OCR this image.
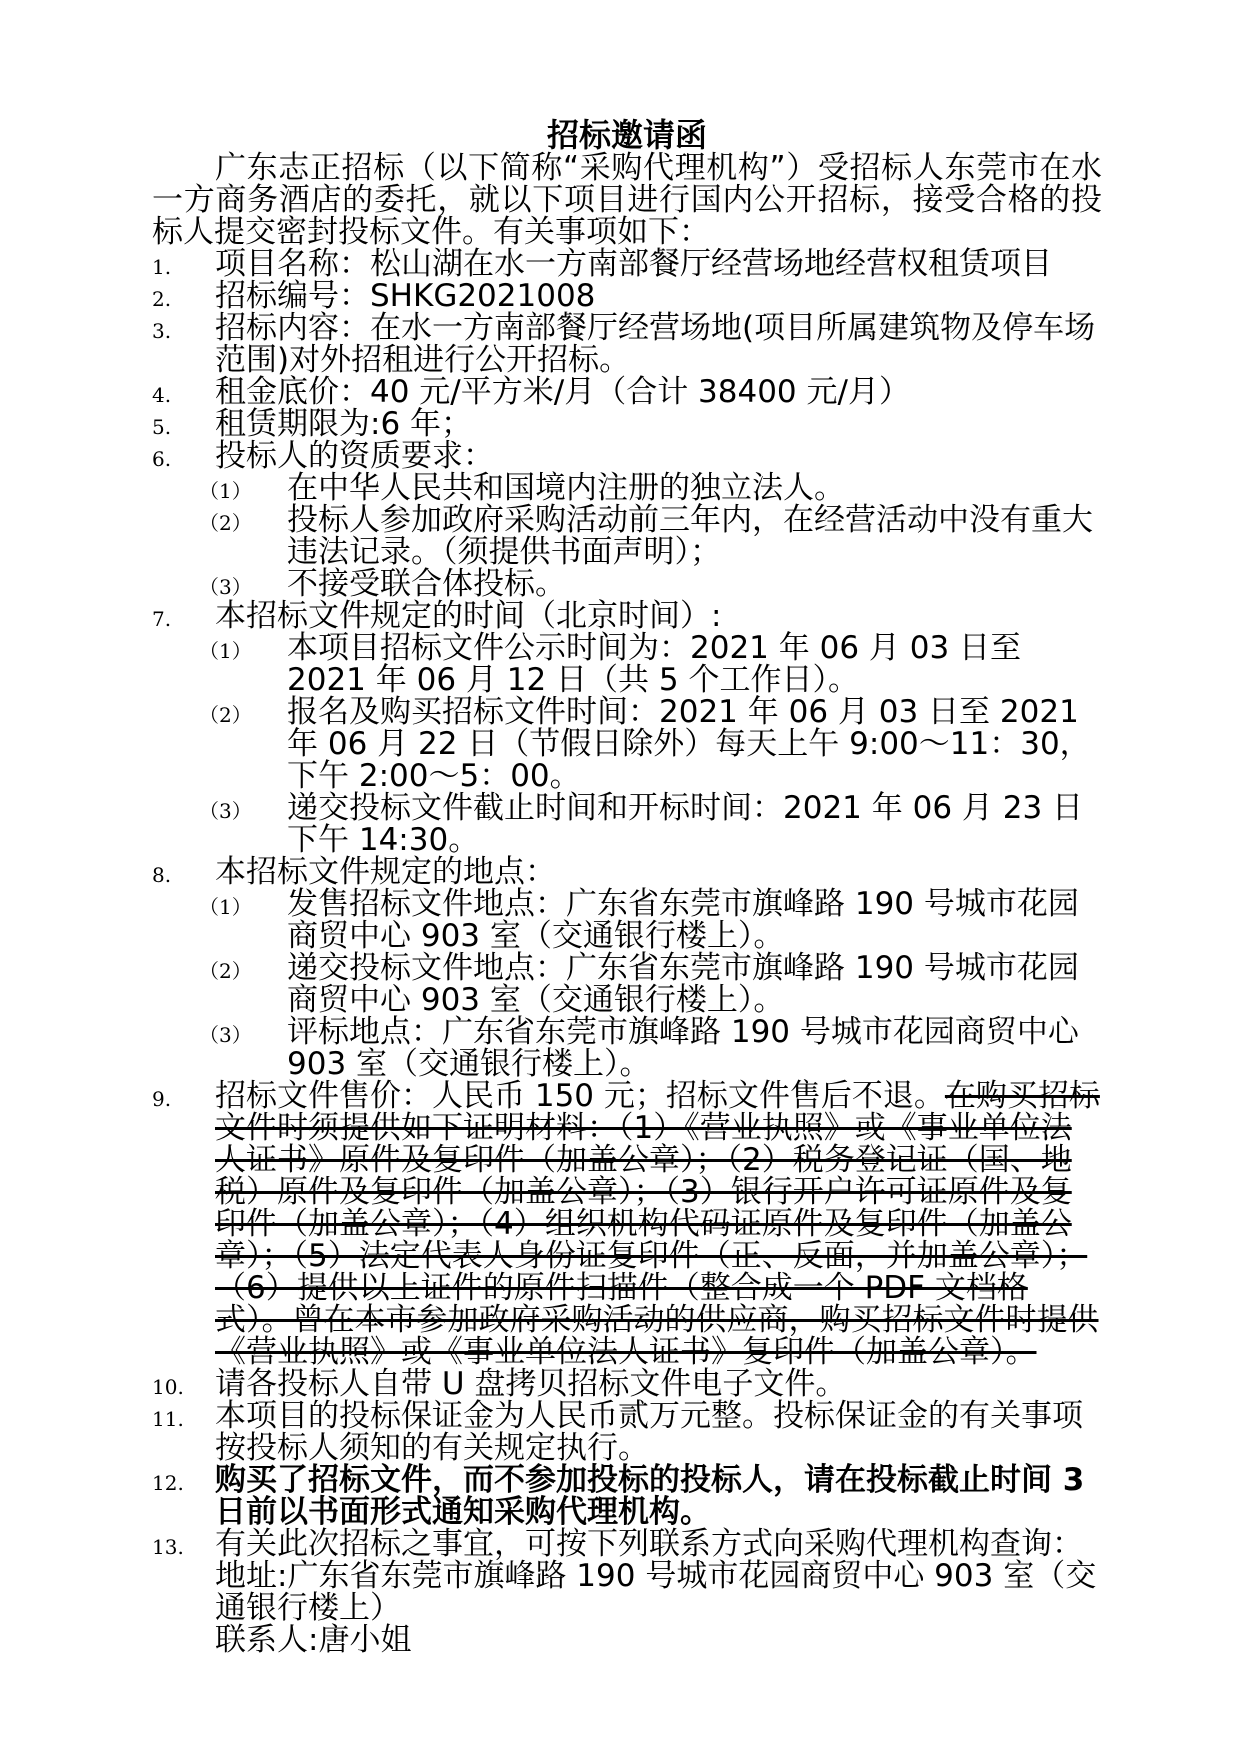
招标邀请函

广东志正招标（以下简称“采购代理机构”）受招标人东莞市在水一方商务酒店的委托，就以下项目进行国内公开招标，接受合格的投标人提交密封投标文件。有关事项如下：

1. 项目名称：松山湖在水一方南部餐厅经营场地经营权租赁项目
2. 招标编号：SHKG2021008
3. 招标内容：在水一方南部餐厅经营场地(项目所属建筑物及停车场范围)对外招租进行公开招标。
4. 租金底价：40 元/平方米/月（合计 38400 元/月）
5. 租赁期限为:6 年；
6. 投标人的资质要求：
（1） 在中华人民共和国境内注册的独立法人。
（2） 投标人参加政府采购活动前三年内，在经营活动中没有重大违法记录。（须提供书面声明）；
（3） 不接受联合体投标。
7. 本招标文件规定的时间（北京时间）:
（1） 本项目招标文件公示时间为：2021 年 06 月 03 日至 2021 年 06 月 12 日（共 5 个工作日）。
（2） 报名及购买招标文件时间：2021 年 06 月 03 日至 2021 年 06 月 22 日（节假日除外）每天上午 9:00～11：30，下午 2:00～5：00。
（3） 递交投标文件截止时间和开标时间：2021 年 06 月 23 日 下午 14:30。
8. 本招标文件规定的地点：
（1） 发售招标文件地点：广东省东莞市旗峰路 190 号城市花园商贸中心 903 室（交通银行楼上）。
（2） 递交投标文件地点：广东省东莞市旗峰路 190 号城市花园商贸中心 903 室（交通银行楼上）。
（3） 评标地点：广东省东莞市旗峰路 190 号城市花园商贸中心 903 室（交通银行楼上）。
9. 招标文件售价：人民币 150 元；招标文件售后不退。在购买招标文件时须提供如下证明材料：（1）《营业执照》或《事业单位法人证书》原件及复印件（加盖公章）；（2）税务登记证（国、地税）原件及复印件（加盖公章）；（3）银行开户许可证原件及复印件（加盖公章）；（4）组织机构代码证原件及复印件（加盖公章）；（5）法定代表人身份证复印件（正、反面，并加盖公章）；（6）提供以上证件的原件扫描件（整合成一个 PDF 文档格式）。曾在本市参加政府采购活动的供应商，购买招标文件时提供《营业执照》或《事业单位法人证书》复印件（加盖公章）。
10. 请各投标人自带 U 盘拷贝招标文件电子文件。
11. 本项目的投标保证金为人民币贰万元整。投标保证金的有关事项按投标人须知的有关规定执行。
12. 购买了招标文件，而不参加投标的投标人，请在投标截止时间 3 日前以书面形式通知采购代理机构。
13. 有关此次招标之事宜，可按下列联系方式向采购代理机构查询：

地址:广东省东莞市旗峰路 190 号城市花园商贸中心 903 室（交通银行楼上）

联系人:唐小姐
